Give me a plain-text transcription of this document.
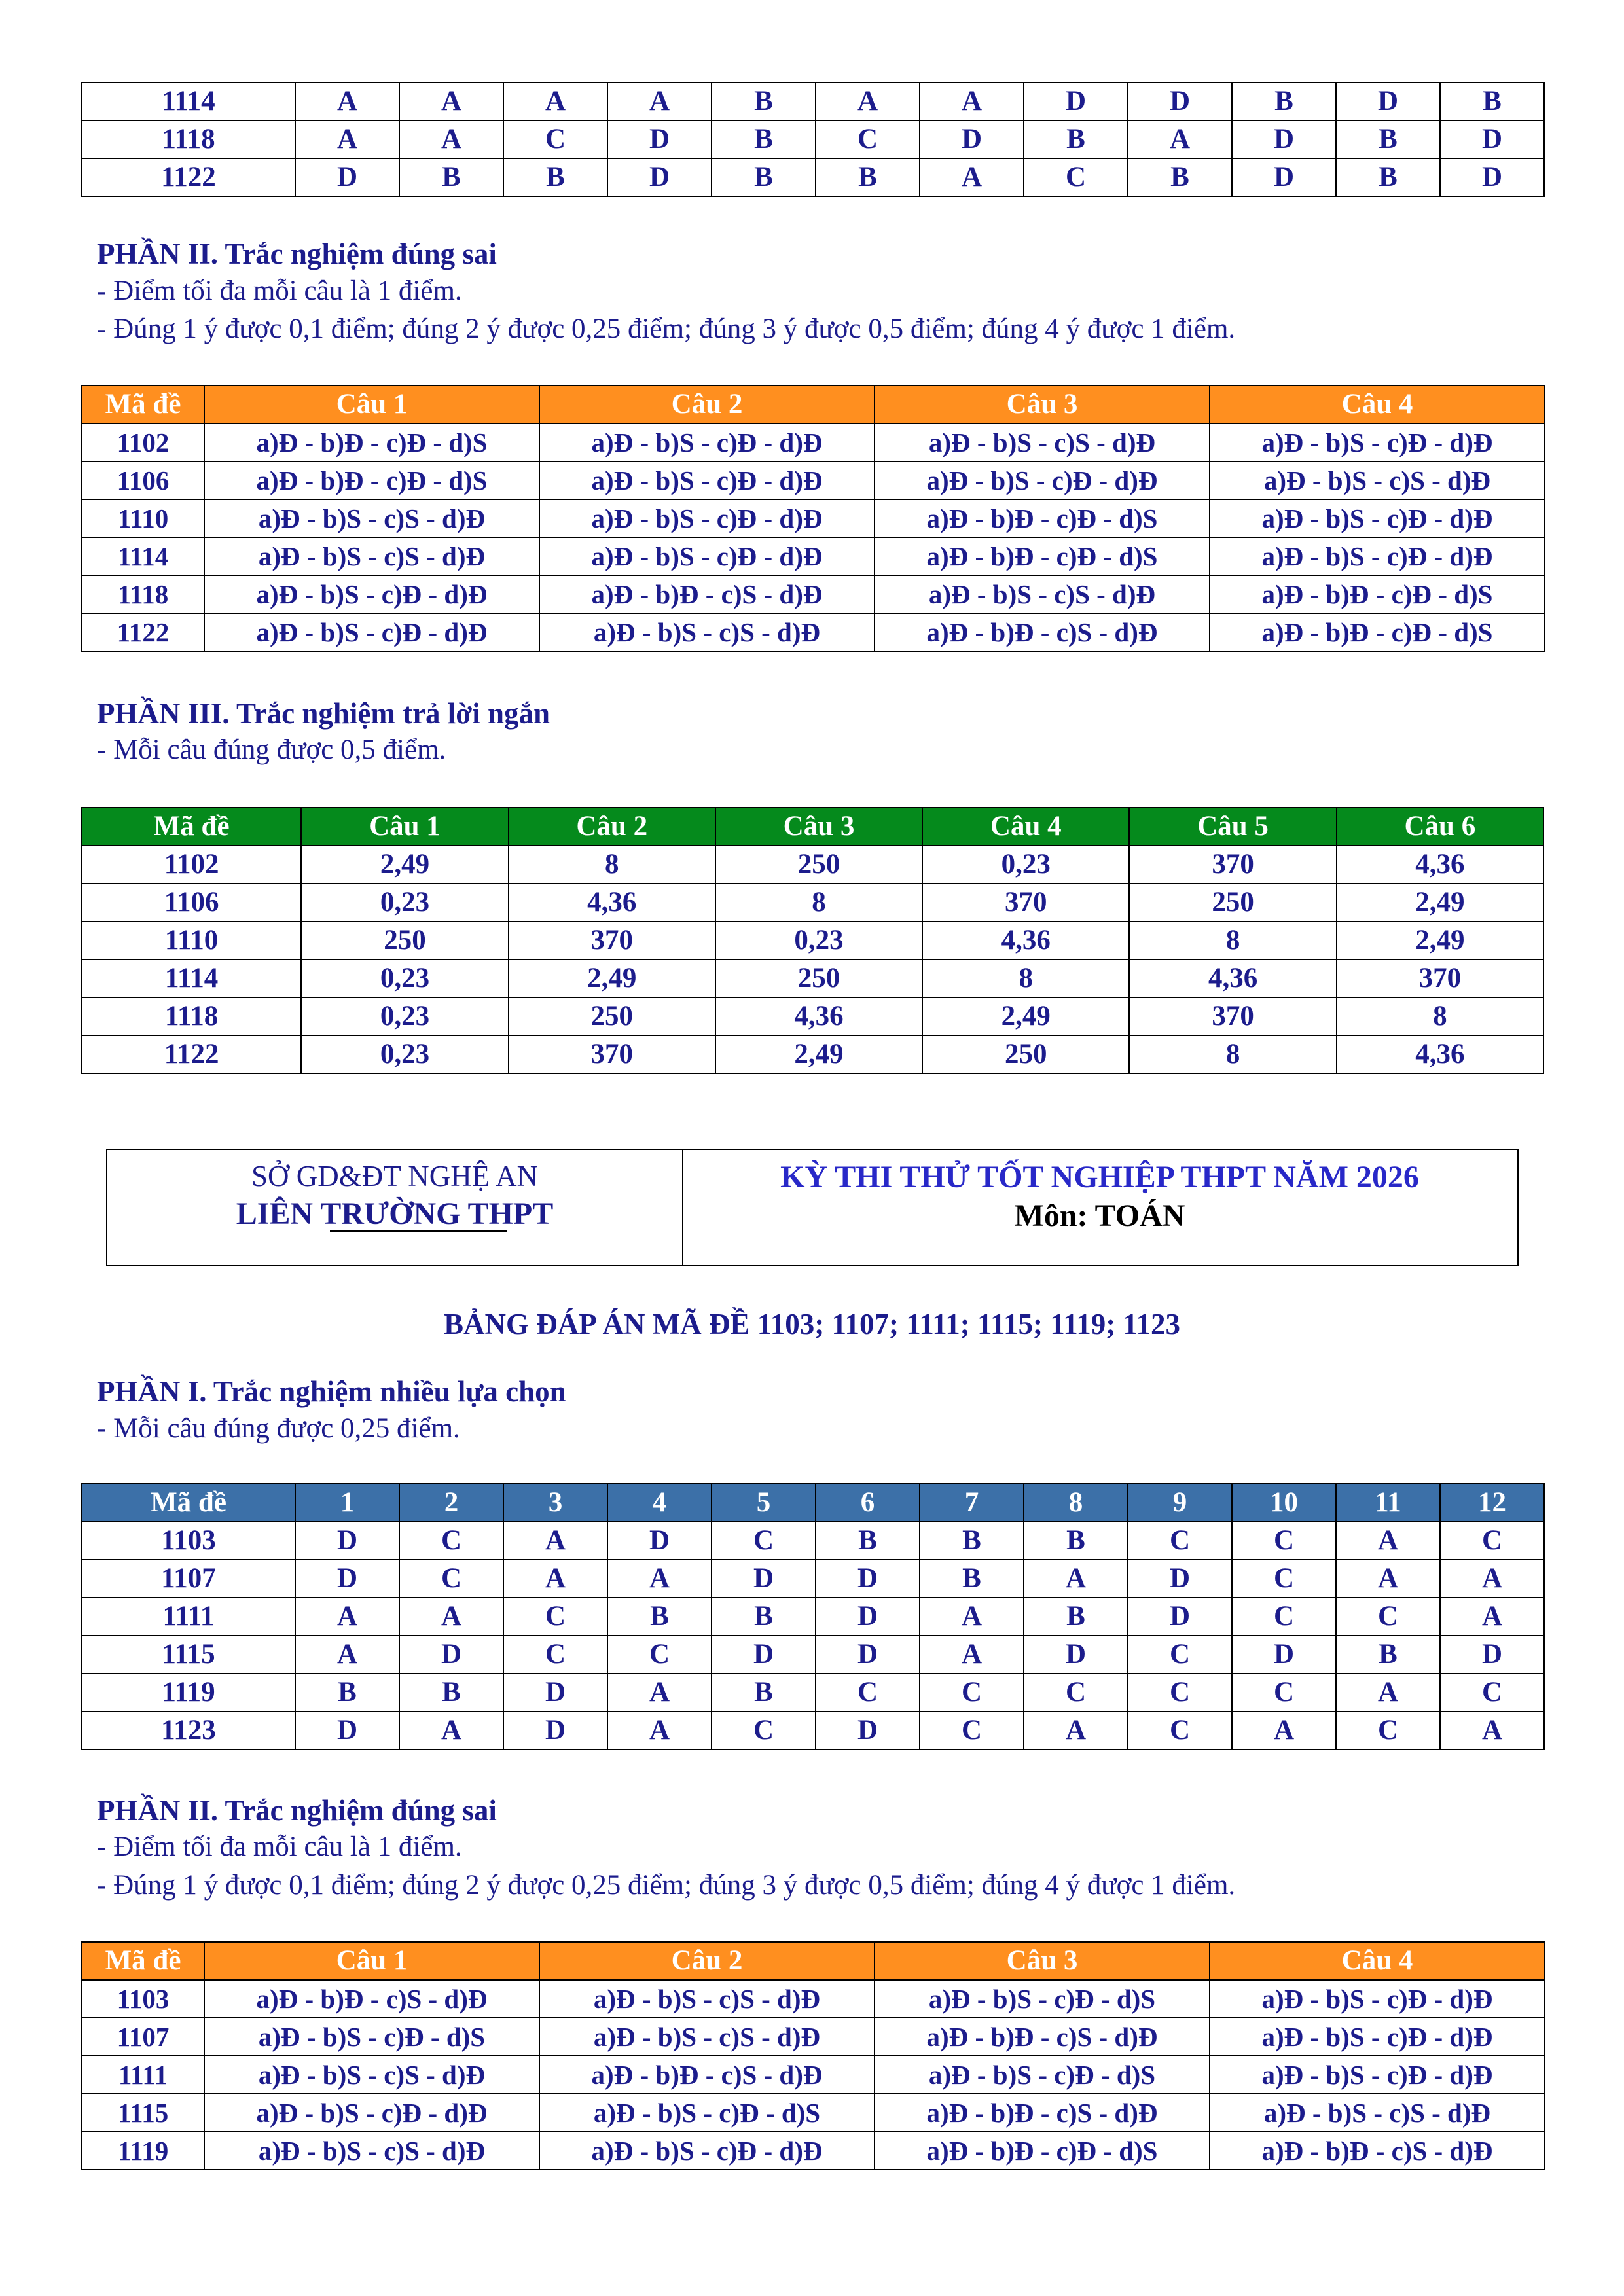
1114	A	A	A	A	B	A	A	D	D	B	D	B
1118	A	A	C	D	B	C	D	B	A	D	B	D
1122	D	B	B	D	B	B	A	C	B	D	B	D
PHẦN II. Trắc nghiệm đúng sai
- Điểm tối đa mỗi câu là 1 điểm.
- Đúng 1 ý được 0,1 điểm; đúng 2 ý được 0,25 điểm; đúng 3 ý được 0,5 điểm; đúng 4 ý được 1 điểm.
Mã đề	Câu 1	Câu 2	Câu 3	Câu 4
1102	a)Đ - b)Đ - c)Đ - d)S	a)Đ - b)S - c)Đ - d)Đ	a)Đ - b)S - c)S - d)Đ	a)Đ - b)S - c)Đ - d)Đ
1106	a)Đ - b)Đ - c)Đ - d)S	a)Đ - b)S - c)Đ - d)Đ	a)Đ - b)S - c)Đ - d)Đ	a)Đ - b)S - c)S - d)Đ
1110	a)Đ - b)S - c)S - d)Đ	a)Đ - b)S - c)Đ - d)Đ	a)Đ - b)Đ - c)Đ - d)S	a)Đ - b)S - c)Đ - d)Đ
1114	a)Đ - b)S - c)S - d)Đ	a)Đ - b)S - c)Đ - d)Đ	a)Đ - b)Đ - c)Đ - d)S	a)Đ - b)S - c)Đ - d)Đ
1118	a)Đ - b)S - c)Đ - d)Đ	a)Đ - b)Đ - c)S - d)Đ	a)Đ - b)S - c)S - d)Đ	a)Đ - b)Đ - c)Đ - d)S
1122	a)Đ - b)S - c)Đ - d)Đ	a)Đ - b)S - c)S - d)Đ	a)Đ - b)Đ - c)S - d)Đ	a)Đ - b)Đ - c)Đ - d)S
PHẦN III. Trắc nghiệm trả lời ngắn
- Mỗi câu đúng được 0,5 điểm.
Mã đề	Câu 1	Câu 2	Câu 3	Câu 4	Câu 5	Câu 6
1102	2,49	8	250	0,23	370	4,36
1106	0,23	4,36	8	370	250	2,49
1110	250	370	0,23	4,36	8	2,49
1114	0,23	2,49	250	8	4,36	370
1118	0,23	250	4,36	2,49	370	8
1122	0,23	370	2,49	250	8	4,36
SỞ GD&ĐT NGHỆ AN
LIÊN TRƯỜNG THPT
KỲ THI THỬ TỐT NGHIỆP THPT NĂM 2026
Môn: TOÁN
BẢNG ĐÁP ÁN MÃ ĐỀ 1103; 1107; 1111; 1115; 1119; 1123
PHẦN I. Trắc nghiệm nhiều lựa chọn
- Mỗi câu đúng được 0,25 điểm.
Mã đề	1	2	3	4	5	6	7	8	9	10	11	12
1103	D	C	A	D	C	B	B	B	C	C	A	C
1107	D	C	A	A	D	D	B	A	D	C	A	A
1111	A	A	C	B	B	D	A	B	D	C	C	A
1115	A	D	C	C	D	D	A	D	C	D	B	D
1119	B	B	D	A	B	C	C	C	C	C	A	C
1123	D	A	D	A	C	D	C	A	C	A	C	A
PHẦN II. Trắc nghiệm đúng sai
- Điểm tối đa mỗi câu là 1 điểm.
- Đúng 1 ý được 0,1 điểm; đúng 2 ý được 0,25 điểm; đúng 3 ý được 0,5 điểm; đúng 4 ý được 1 điểm.
Mã đề	Câu 1	Câu 2	Câu 3	Câu 4
1103	a)Đ - b)Đ - c)S - d)Đ	a)Đ - b)S - c)S - d)Đ	a)Đ - b)S - c)Đ - d)S	a)Đ - b)S - c)Đ - d)Đ
1107	a)Đ - b)S - c)Đ - d)S	a)Đ - b)S - c)S - d)Đ	a)Đ - b)Đ - c)S - d)Đ	a)Đ - b)S - c)Đ - d)Đ
1111	a)Đ - b)S - c)S - d)Đ	a)Đ - b)Đ - c)S - d)Đ	a)Đ - b)S - c)Đ - d)S	a)Đ - b)S - c)Đ - d)Đ
1115	a)Đ - b)S - c)Đ - d)Đ	a)Đ - b)S - c)Đ - d)S	a)Đ - b)Đ - c)S - d)Đ	a)Đ - b)S - c)S - d)Đ
1119	a)Đ - b)S - c)S - d)Đ	a)Đ - b)S - c)Đ - d)Đ	a)Đ - b)Đ - c)Đ - d)S	a)Đ - b)Đ - c)S - d)Đ
